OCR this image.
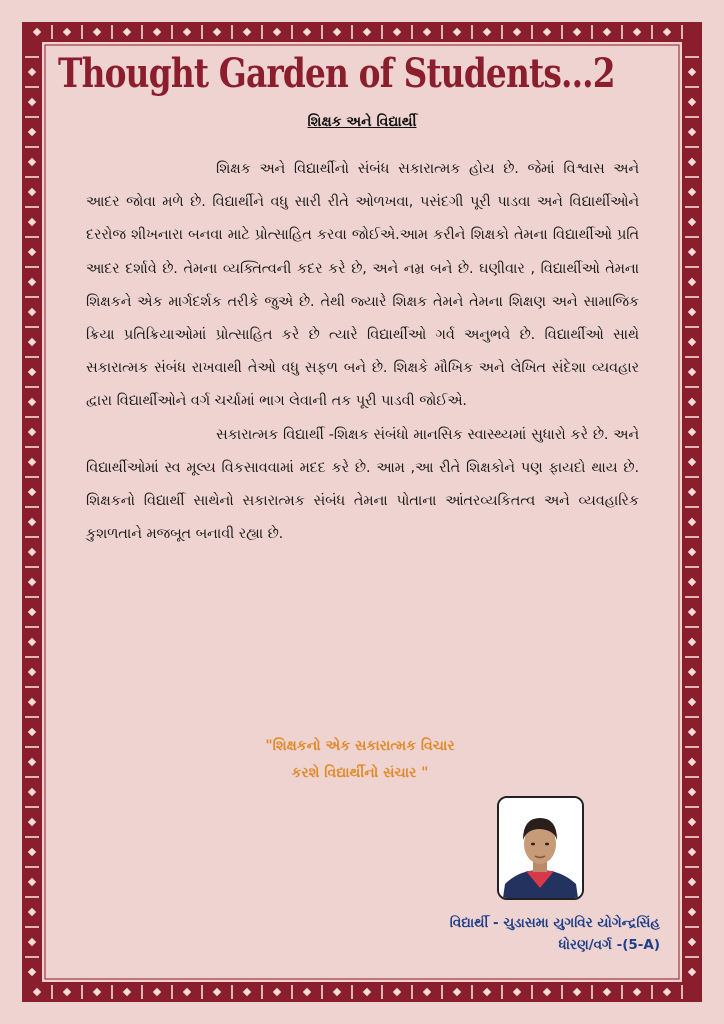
Thought Garden of Students...2
શિક્ષક અને વિદ્યાર્થી

શિક્ષક અને વિદ્યાર્થીનો સંબંધ સકારાત્મક હોય છે. જેમાં વિશ્વાસ અને આદર જોવા મળે છે. વિદ્યાર્થીને વધુ સારી રીતે ઓળખવા, પસંદગી પૂરી પાડવા અને વિદ્યાર્થીઓને દરરોજ શીખનારા બનવા માટે પ્રોત્સાહિત કરવા જોઈએ.આમ કરીને શિક્ષકો તેમના વિદ્યાર્થીઓ પ્રતિ આદર દર્શાવે છે. તેમના વ્યક્તિત્વની કદર કરે છે, અને નમ્ર બને છે. ઘણીવાર , વિદ્યાર્થીઓ તેમના શિક્ષકને એક માર્ગદર્શક તરીકે જુએ છે. તેથી જ્યારે શિક્ષક તેમને તેમના શિક્ષણ અને સામાજિક ક્રિયા પ્રતિક્રિયાઓમાં પ્રોત્સાહિત કરે છે ત્યારે વિદ્યાર્થીઓ ગર્વ અનુભવે છે. વિદ્યાર્થીઓ સાથે સકારાત્મક સંબંધ રાખવાથી તેઓ વધુ સફળ બને છે. શિક્ષકે મૌખિક અને લેખિત સંદેશા વ્યવહાર દ્વારા વિદ્યાર્થીઓને વર્ગ ચર્ચામાં ભાગ લેવાની તક પૂરી પાડવી જોઈએ.

સકારાત્મક વિદ્યાર્થી -શિક્ષક સંબંધો માનસિક સ્વાસ્થ્યમાં સુધારો કરે છે. અને વિદ્યાર્થીઓમાં સ્વ મૂલ્ય વિકસાવવામાં મદદ કરે છે. આમ ,આ રીતે શિક્ષકોને પણ ફાયદો થાય છે. શિક્ષકનો વિદ્યાર્થી સાથેનો સકારાત્મક સંબંધ તેમના પોતાના આંતરવ્યકિતત્વ અને વ્યવહારિક કુશળતાને મજબૂત બનાવી રહ્યા છે.

"શિક્ષકનો એક સકારાત્મક વિચાર
કરશે વિદ્યાર્થીનો સંચાર "
વિદ્યાર્થી - ચુડાસમા યુગવિર યોગેન્દ્રસિંહ
ધોરણ/વર્ગ -(5-A)
